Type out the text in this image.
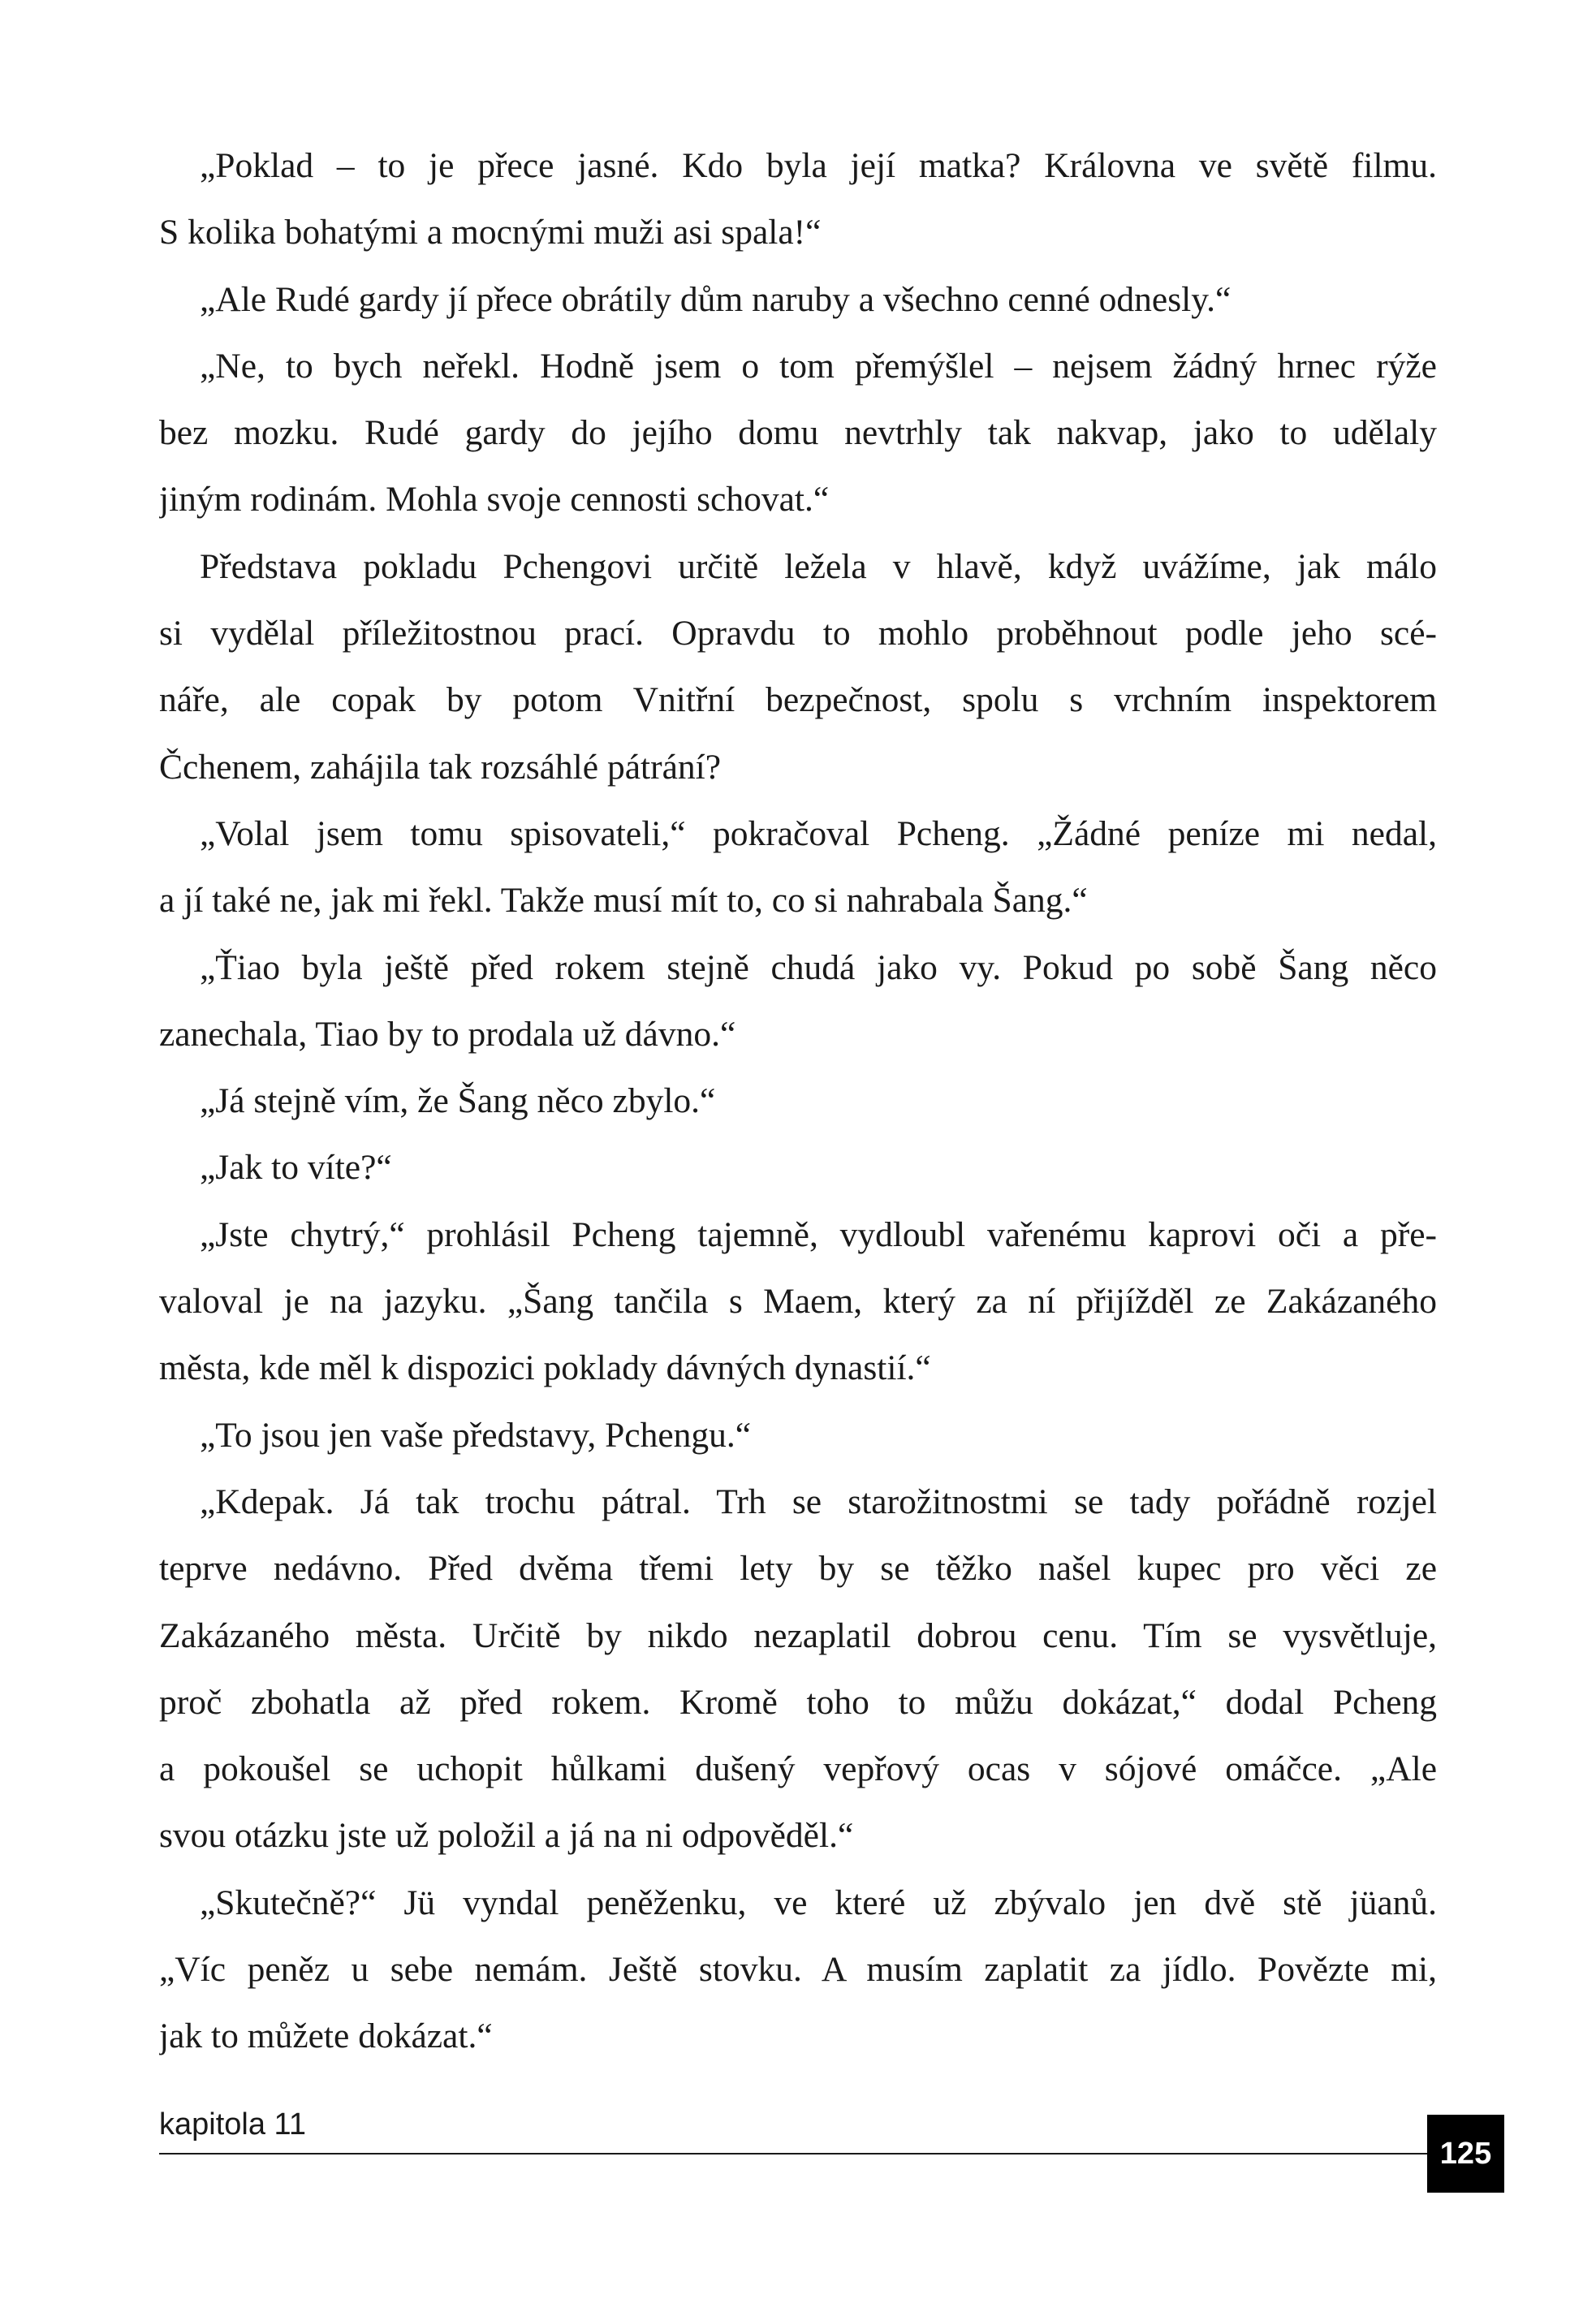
„Poklad – to je přece jasné. Kdo byla její matka? Královna ve světě filmu.
S kolika bohatými a mocnými muži asi spala!“
„Ale Rudé gardy jí přece obrátily dům naruby a všechno cenné odnesly.“
„Ne, to bych neřekl. Hodně jsem o tom přemýšlel – nejsem žádný hrnec rýže
bez mozku. Rudé gardy do jejího domu nevtrhly tak nakvap, jako to udělaly
jiným rodinám. Mohla svoje cennosti schovat.“
Představa pokladu Pchengovi určitě ležela v hlavě, když uvážíme, jak málo
si vydělal příležitostnou prací. Opravdu to mohlo proběhnout podle jeho scé-
náře, ale copak by potom Vnitřní bezpečnost, spolu s vrchním inspektorem
Čchenem, zahájila tak rozsáhlé pátrání?
„Volal jsem tomu spisovateli,“ pokračoval Pcheng. „Žádné peníze mi nedal,
a jí také ne, jak mi řekl. Takže musí mít to, co si nahrabala Šang.“
„Ťiao byla ještě před rokem stejně chudá jako vy. Pokud po sobě Šang něco
zanechala, Tiao by to prodala už dávno.“
„Já stejně vím, že Šang něco zbylo.“
„Jak to víte?“
„Jste chytrý,“ prohlásil Pcheng tajemně, vydloubl vařenému kaprovi oči a pře-
valoval je na jazyku. „Šang tančila s Maem, který za ní přijížděl ze Zakázaného
města, kde měl k dispozici poklady dávných dynastií.“
„To jsou jen vaše představy, Pchengu.“
„Kdepak. Já tak trochu pátral. Trh se starožitnostmi se tady pořádně rozjel
teprve nedávno. Před dvěma třemi lety by se těžko našel kupec pro věci ze
Zakázaného města. Určitě by nikdo nezaplatil dobrou cenu. Tím se vysvětluje,
proč zbohatla až před rokem. Kromě toho to můžu dokázat,“ dodal Pcheng
a pokoušel se uchopit hůlkami dušený vepřový ocas v sójové omáčce. „Ale
svou otázku jste už položil a já na ni odpověděl.“
„Skutečně?“ Jü vyndal peněženku, ve které už zbývalo jen dvě stě jüanů.
„Víc peněz u sebe nemám. Ještě stovku. A musím zaplatit za jídlo. Povězte mi,
jak to můžete dokázat.“
kapitola 11
125
